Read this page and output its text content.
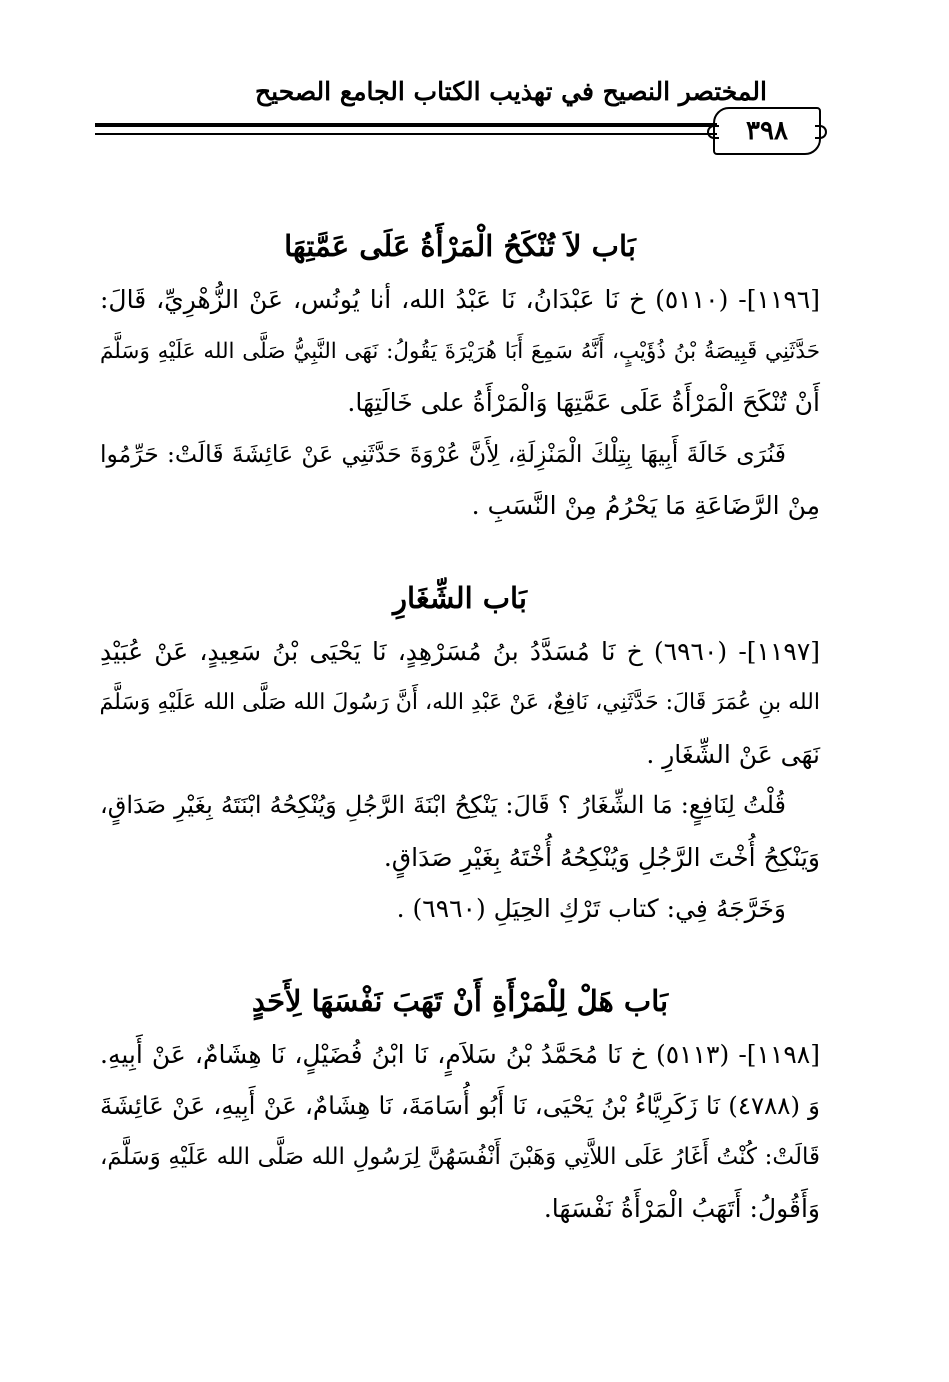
المختصر النصيح في تهذيب الكتاب الجامع الصحيح
٣٩٨
بَاب لاَ تُنْكَحُ الْمَرْأَةُ عَلَى عَمَّتِهَا
[١١٩٦]- (٥١١٠) خ نَا عَبْدَانُ، نَا عَبْدُ الله، أنا يُونُس، عَنْ الزُّهْرِيِّ، قَالَ:
حَدَّثَنِي قَبِيصَةُ بْنُ ذُؤَيْبٍ، أَنَّهُ سَمِعَ أَبَا هُرَيْرَةَ يَقُولُ: نَهَى النَّبِيُّ صَلَّى الله عَلَيْهِ وَسَلَّمَ
أَنْ تُنْكَحَ الْمَرْأَةُ عَلَى عَمَّتِهَا وَالْمَرْأَةُ على خَالَتِهَا.
فَنُرَى خَالَةَ أَبِيهَا بِتِلْكَ الْمَنْزِلَةِ، لِأَنَّ عُرْوَةَ حَدَّثَنِي عَنْ عَائِشَةَ قَالَتْ: حَرِّمُوا
مِنْ الرَّضَاعَةِ مَا يَحْرُمُ مِنْ النَّسَبِ .
بَاب الشِّغَارِ
[١١٩٧]- (٦٩٦٠) خ نَا مُسَدَّدُ بنُ مُسَرْهِدٍ، نَا يَحْيَى بْنُ سَعِيدٍ، عَنْ عُبَيْدِ
الله بنِ عُمَرَ قَالَ: حَدَّثَنِي، نَافِعٌ، عَنْ عَبْدِ الله، أَنَّ رَسُولَ الله صَلَّى الله عَلَيْهِ وَسَلَّمَ
نَهَى عَنْ الشِّغَارِ .
قُلْتُ لِنَافِعٍ: مَا الشِّغَارُ ؟ قَالَ: يَنْكِحُ ابْنَةَ الرَّجُلِ وَيُنْكِحُهُ ابْنَتَهُ بِغَيْرِ صَدَاقٍ،
وَيَنْكِحُ أُخْتَ الرَّجُلِ وَيُنْكِحُهُ أُخْتَهُ بِغَيْرِ صَدَاقٍ.
وَخَرَّجَهُ فِي: كتاب تَرْكِ الحِيَلِ (٦٩٦٠) .
بَاب هَلْ لِلْمَرْأَةِ أَنْ تَهَبَ نَفْسَهَا لِأَحَدٍ
[١١٩٨]- (٥١١٣) خ نَا مُحَمَّدُ بْنُ سَلاَمٍ، نَا ابْنُ فُضَيْلٍ، نَا هِشَامٌ، عَنْ أَبِيهِ.
وَ (٤٧٨٨) نَا زَكَرِيَّاءُ بْنُ يَحْيَى، نَا أَبُو أُسَامَةَ، نَا هِشَامٌ، عَنْ أَبِيهِ، عَنْ عَائِشَةَ
قَالَتْ: كُنْتُ أَغَارُ عَلَى اللاَّتِي وَهَبْنَ أَنْفُسَهُنَّ لِرَسُولِ الله صَلَّى الله عَلَيْهِ وَسَلَّمَ،
وَأَقُولُ: أَتَهَبُ الْمَرْأَةُ نَفْسَهَا.
